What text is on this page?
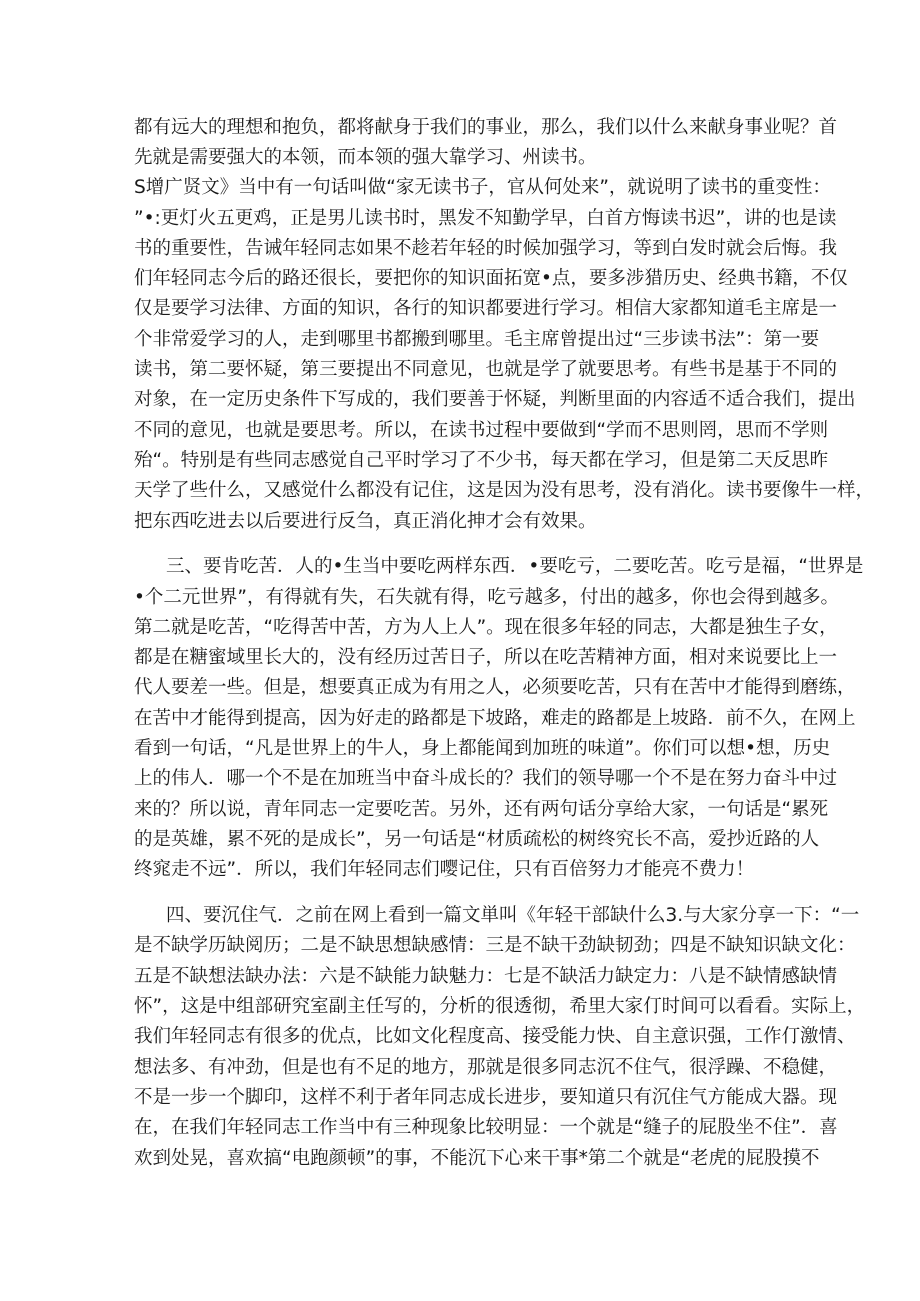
都有远大的理想和抱负，都将献身于我们的事业，那么，我们以什么来献身事业呢？首
先就是需要强大的本领，而本领的强大靠学习、州读书。
S增广贤文》当中有一句话叫做“家无读书子，官从何处来”，就说明了读书的重变性：
”•:更灯火五更鸡，正是男儿读书时，黑发不知勤学早，白首方悔读书迟”，讲的也是读
书的重要性，告诫年轻同志如果不趁若年轻的时候加强学习，等到白发时就会后悔。我
们年轻同志今后的路还很长，要把你的知识面拓宽•点，要多涉猎历史、经典书籍，不仅
仅是要学习法律、方面的知识，各行的知识都要进行学习。相信大家都知道毛主席是一
个非常爱学习的人，走到哪里书都搬到哪里。毛主席曾提出过“三步读书法”：第一要
读书，第二要怀疑，第三要提出不同意见，也就是学了就要思考。有些书是基于不同的
对象，在一定历史条件下写成的，我们要善于怀疑，判断里面的内容适不适合我们，提出
不同的意见，也就是要思考。所以，在读书过程中要做到“学而不思则罔，思而不学则
殆“。特别是有些同志感觉自己平时学习了不少书，每天都在学习，但是第二天反思昨
天学了些什么，又感觉什么都没有记住，这是因为没有思考，没有消化。读书要像牛一样，
把东西吃进去以后要进行反刍，真正消化抻才会有效果。
三、要肯吃苦．人的•生当中要吃两样东西．•要吃亏，二要吃苦。吃亏是福，“世界是
•个二元世界”，有得就有失，石失就有得，吃亏越多，付出的越多，你也会得到越多。
第二就是吃苦，“吃得苦中苦，方为人上人”。现在很多年轻的同志，大都是独生子女，
都是在糖蜜域里长大的，没有经历过苦日子，所以在吃苦精神方面，相对来说要比上一
代人要差一些。但是，想要真正成为有用之人，必须要吃苦，只有在苦中才能得到磨练，
在苦中才能得到提高，因为好走的路都是下坡路，难走的路都是上坡路．前不久，在网上
看到一句话，“凡是世界上的牛人，身上都能闻到加班的味道”。你们可以想•想，历史
上的伟人．哪一个不是在加班当中奋斗成长的？我们的领导哪一个不是在努力奋斗中过
来的？所以说，青年同志一定要吃苦。另外，还有两句话分享给大家，一句话是“累死
的是英雄，累不死的是成长”，另一句话是“材质疏松的树终究长不高，爱抄近路的人
终窕走不远”．所以，我们年轻同志们嘤记住，只有百倍努力才能亮不费力！
四、要沉住气．之前在网上看到一篇文単叫《年轻干部缺什么3.与大家分享一下：“一
是不缺学历缺阅历；二是不缺思想缺感情：三是不缺干劲缺韧劲；四是不缺知识缺文化：
五是不缺想法缺办法：六是不缺能力缺魅力：七是不缺活力缺定力：八是不缺情感缺情
怀”，这是中组部研究室副主任写的，分析的很透彻，希里大家仃时间可以看看。实际上，
我们年轻同志有很多的优点，比如文化程度高、接受能力快、自主意识强，工作仃激情、
想法多、有冲劲，但是也有不足的地方，那就是很多同志沉不住气，很浮躁、不稳健，
不是一步一个脚印，这样不利于者年同志成长进步，要知道只有沉住气方能成大器。现
在，在我们年轻同志工作当中有三种现象比较明显：一个就是“缝子的屁股坐不住”．喜
欢到处晃，喜欢搞“电跑颜顿”的事，不能沉下心来干事*第二个就是“老虎的屁股摸不
